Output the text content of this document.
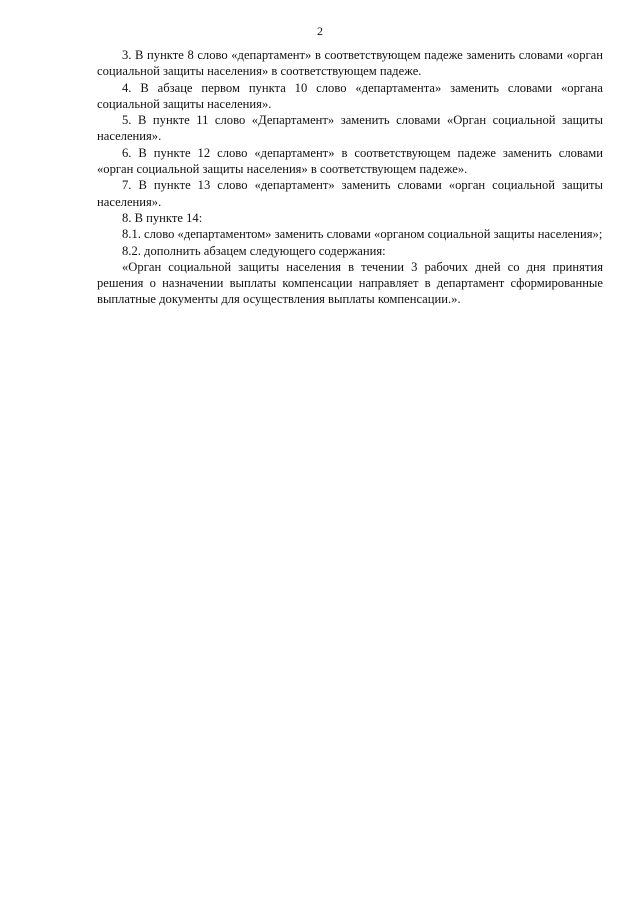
2

3. В пункте 8 слово «департамент» в соответствующем падеже заменить словами «орган социальной защиты населения» в соответствующем падеже.

4. В абзаце первом пункта 10 слово «департамента» заменить словами «органа социальной защиты населения».

5. В пункте 11 слово «Департамент» заменить словами «Орган социальной защиты населения».

6. В пункте 12 слово «департамент» в соответствующем падеже заменить словами «орган социальной защиты населения» в соответствующем падеже».

7. В пункте 13 слово «департамент» заменить словами «орган социальной защиты населения».

8. В пункте 14:

8.1. слово «департаментом» заменить словами «органом социальной защиты населения»;

8.2. дополнить абзацем следующего содержания:

«Орган социальной защиты населения в течении 3 рабочих дней со дня принятия решения о назначении выплаты компенсации направляет в департамент сформированные выплатные документы для осуществления выплаты компенсации.».
